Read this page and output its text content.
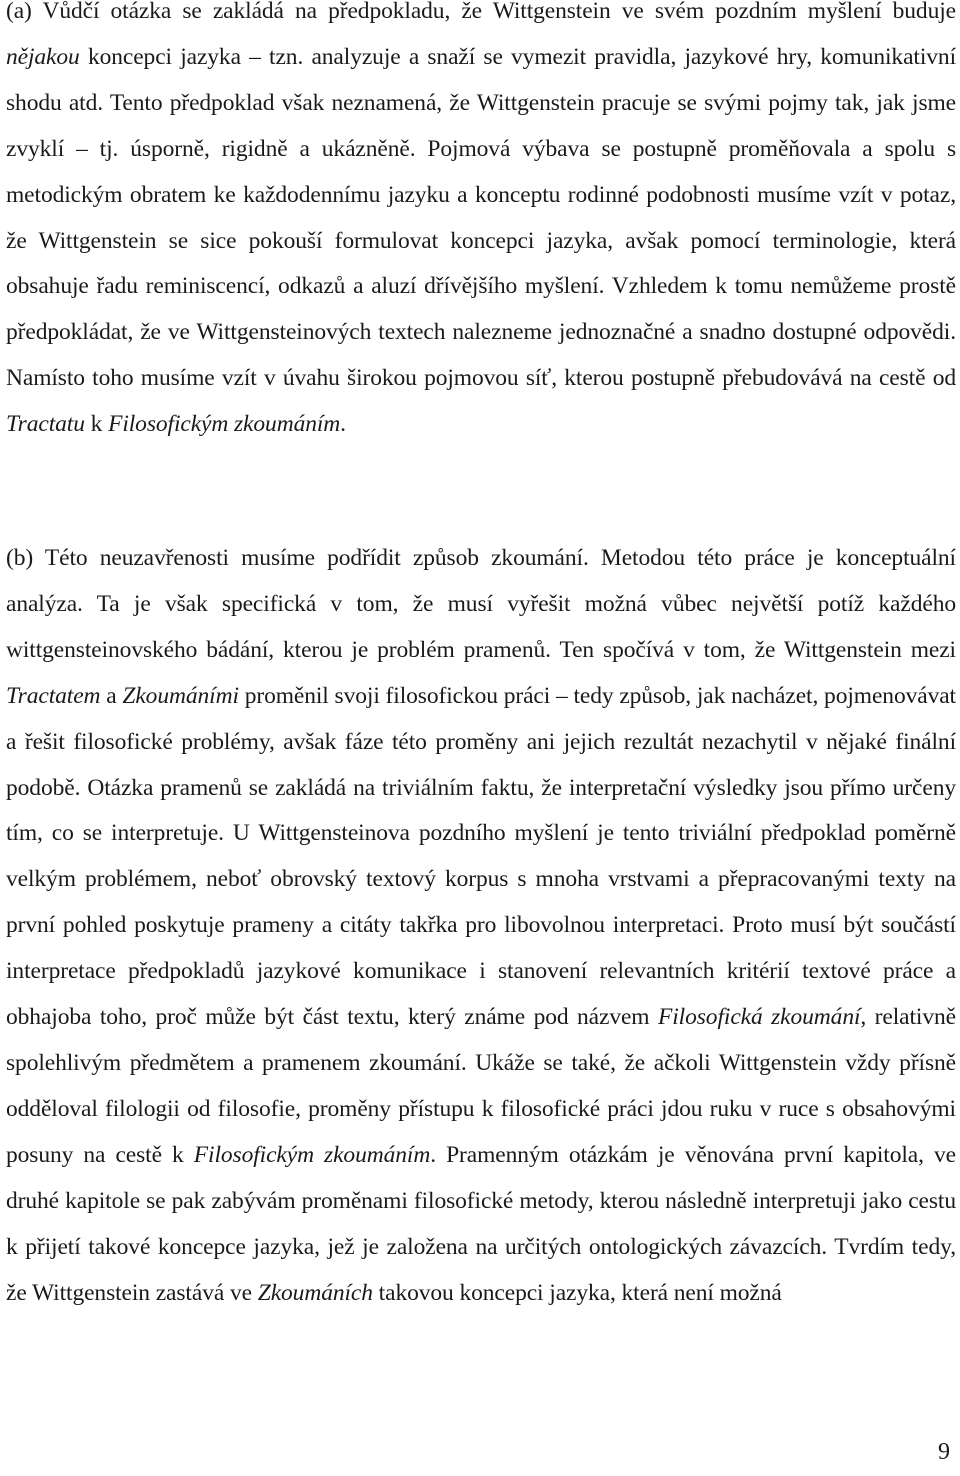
(a) Vůdčí otázka se zakládá na předpokladu, že Wittgenstein ve svém pozdním myšlení buduje nějakou koncepci jazyka – tzn. analyzuje a snaží se vymezit pravidla, jazykové hry, komunikativní shodu atd. Tento předpoklad však neznamená, že Wittgenstein pracuje se svými pojmy tak, jak jsme zvyklí – tj. úsporně, rigidně a ukázněně. Pojmová výbava se postupně proměňovala a spolu s metodickým obratem ke každodennímu jazyku a konceptu rodinné podobnosti musíme vzít v potaz, že Wittgenstein se sice pokouší formulovat koncepci jazyka, avšak pomocí terminologie, která obsahuje řadu reminiscencí, odkazů a aluzí dřívějšího myšlení. Vzhledem k tomu nemůžeme prostě předpokládat, že ve Wittgensteinových textech nalezneme jednoznačné a snadno dostupné odpovědi. Namísto toho musíme vzít v úvahu širokou pojmovou síť, kterou postupně přebudovává na cestě od Tractatu k Filosofickým zkoumáním.

(b) Této neuzavřenosti musíme podřídit způsob zkoumání. Metodou této práce je konceptuální analýza. Ta je však specifická v tom, že musí vyřešit možná vůbec největší potíž každého wittgensteinovského bádání, kterou je problém pramenů. Ten spočívá v tom, že Wittgenstein mezi Tractatem a Zkoumáními proměnil svoji filosofickou práci – tedy způsob, jak nacházet, pojmenovávat a řešit filosofické problémy, avšak fáze této proměny ani jejich rezultát nezachytil v nějaké finální podobě. Otázka pramenů se zakládá na triviálním faktu, že interpretační výsledky jsou přímo určeny tím, co se interpretuje. U Wittgensteinova pozdního myšlení je tento triviální předpoklad poměrně velkým problémem, neboť obrovský textový korpus s mnoha vrstvami a přepracovanými texty na první pohled poskytuje prameny a citáty takřka pro libovolnou interpretaci. Proto musí být součástí interpretace předpokladů jazykové komunikace i stanovení relevantních kritérií textové práce a obhajoba toho, proč může být část textu, který známe pod názvem Filosofická zkoumání, relativně spolehlivým předmětem a pramenem zkoumání. Ukáže se také, že ačkoli Wittgenstein vždy přísně odděloval filologii od filosofie, proměny přístupu k filosofické práci jdou ruku v ruce s obsahovými posuny na cestě k Filosofickým zkoumáním. Pramenným otázkám je věnována první kapitola, ve druhé kapitole se pak zabývám proměnami filosofické metody, kterou následně interpretuji jako cestu k přijetí takové koncepce jazyka, jež je založena na určitých ontologických závazcích. Tvrdím tedy, že Wittgenstein zastává ve Zkoumáních takovou koncepci jazyka, která není možná

9
